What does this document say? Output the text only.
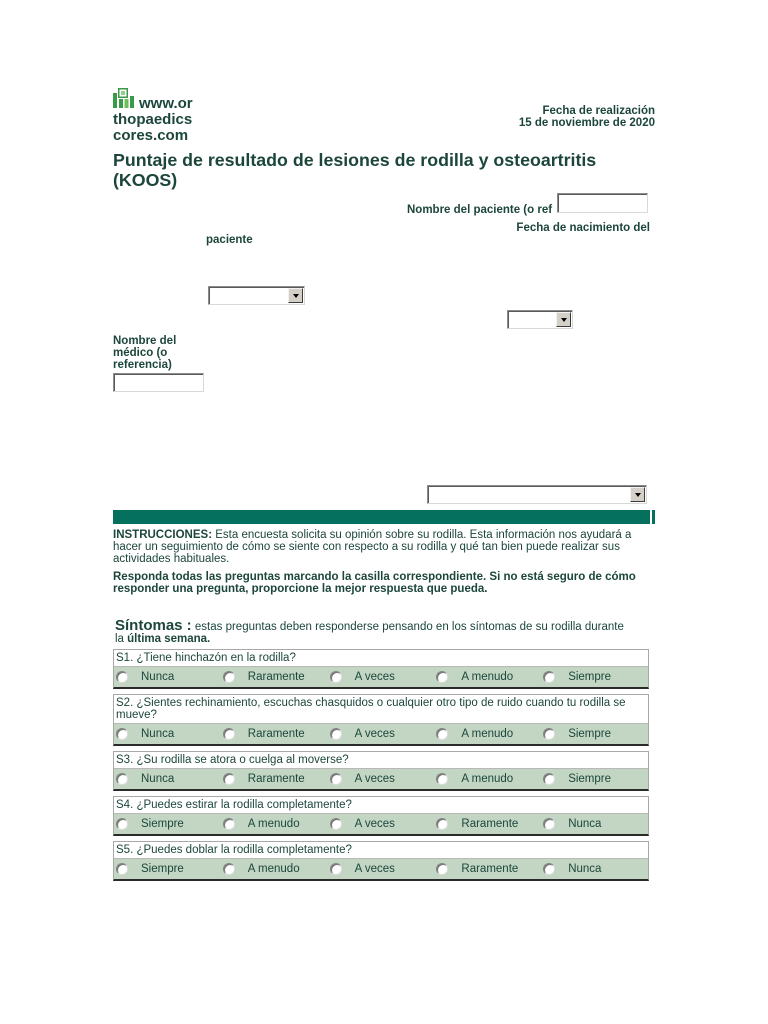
www.or
thopaedics
cores.com
Fecha de realización
15 de noviembre de 2020
Puntaje de resultado de lesiones de rodilla y osteoartritis (KOOS)
Nombre del paciente (o ref
Fecha de nacimiento del
paciente
Nombre del
médico (o
referencia)
INSTRUCCIONES: Esta encuesta solicita su opinión sobre su rodilla. Esta información nos ayudará a hacer un seguimiento de cómo se siente con respecto a su rodilla y qué tan bien puede realizar sus actividades habituales.
Responda todas las preguntas marcando la casilla correspondiente. Si no está seguro de cómo responder una pregunta, proporcione la mejor respuesta que pueda.
Síntomas : estas preguntas deben responderse pensando en los síntomas de su rodilla durante
la última semana.
S1. ¿Tiene hinchazón en la rodilla?
Nunca	Raramente	A veces	A menudo	Siempre
S2. ¿Sientes rechinamiento, escuchas chasquidos o cualquier otro tipo de ruido cuando tu rodilla se mueve?
Nunca	Raramente	A veces	A menudo	Siempre
S3. ¿Su rodilla se atora o cuelga al moverse?
Nunca	Raramente	A veces	A menudo	Siempre
S4. ¿Puedes estirar la rodilla completamente?
Siempre	A menudo	A veces	Raramente	Nunca
S5. ¿Puedes doblar la rodilla completamente?
Siempre	A menudo	A veces	Raramente	Nunca
